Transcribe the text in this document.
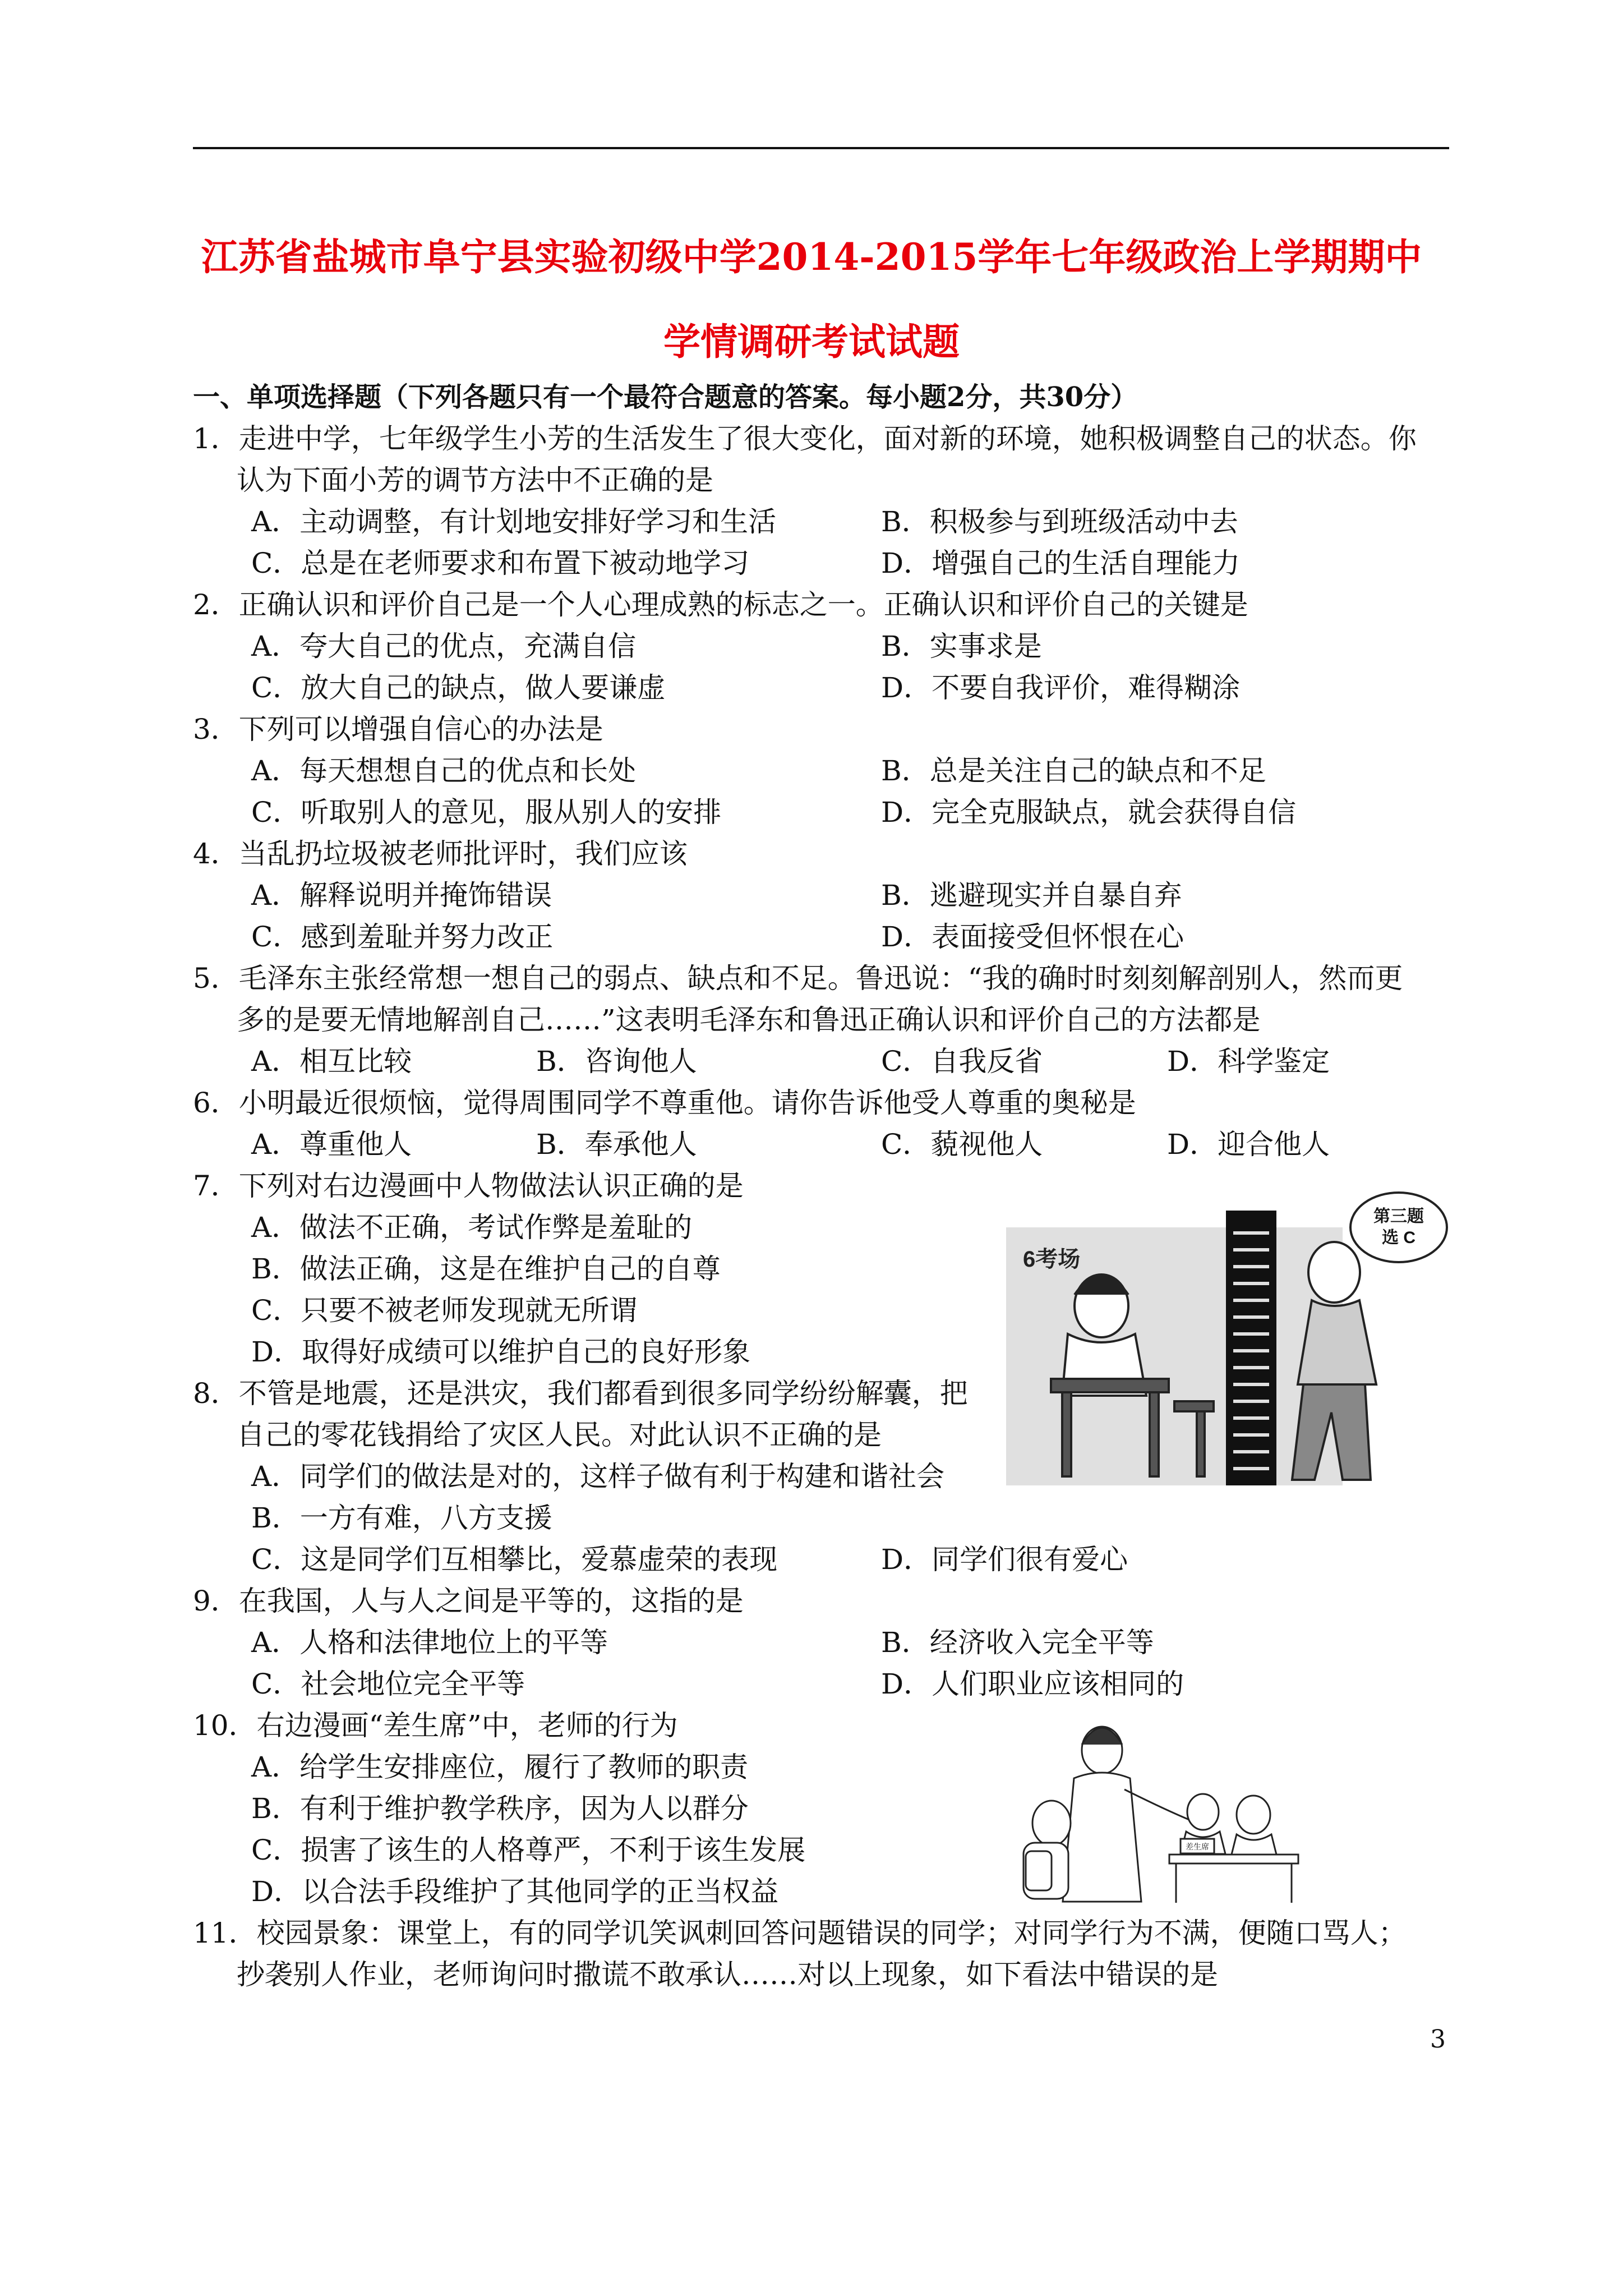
江苏省盐城市阜宁县实验初级中学2014-2015学年七年级政治上学期期中
学情调研考试试题
一、单项选择题（下列各题只有一个最符合题意的答案。每小题2分，共30分）
1．走进中学，七年级学生小芳的生活发生了很大变化，面对新的环境，她积极调整自己的状态。你
认为下面小芳的调节方法中不正确的是
A．主动调整，有计划地安排好学习和生活	B．积极参与到班级活动中去
C．总是在老师要求和布置下被动地学习	D．增强自己的生活自理能力
2．正确认识和评价自己是一个人心理成熟的标志之一。正确认识和评价自己的关键是
A．夸大自己的优点，充满自信	B．实事求是
C．放大自己的缺点，做人要谦虚	D．不要自我评价，难得糊涂
3．下列可以增强自信心的办法是
A．每天想想自己的优点和长处	B．总是关注自己的缺点和不足
C．听取别人的意见，服从别人的安排	D．完全克服缺点，就会获得自信
4．当乱扔垃圾被老师批评时，我们应该
A．解释说明并掩饰错误	B．逃避现实并自暴自弃
C．感到羞耻并努力改正	D．表面接受但怀恨在心
5．毛泽东主张经常想一想自己的弱点、缺点和不足。鲁迅说：“我的确时时刻刻解剖别人，然而更
多的是要无情地解剖自己……”这表明毛泽东和鲁迅正确认识和评价自己的方法都是
A．相互比较	B．咨询他人	C．自我反省	D．科学鉴定
6．小明最近很烦恼，觉得周围同学不尊重他。请你告诉他受人尊重的奥秘是
A．尊重他人	B．奉承他人	C．藐视他人	D．迎合他人
7．下列对右边漫画中人物做法认识正确的是
A．做法不正确，考试作弊是羞耻的
B．做法正确，这是在维护自己的自尊
C．只要不被老师发现就无所谓
D．取得好成绩可以维护自己的良好形象
8．不管是地震，还是洪灾，我们都看到很多同学纷纷解囊，把
自己的零花钱捐给了灾区人民。对此认识不正确的是
A．同学们的做法是对的，这样子做有利于构建和谐社会
B．一方有难，八方支援
C．这是同学们互相攀比，爱慕虚荣的表现	D．同学们很有爱心
9．在我国，人与人之间是平等的，这指的是
A．人格和法律地位上的平等	B．经济收入完全平等
C．社会地位完全平等	D．人们职业应该相同的
10．右边漫画“差生席”中，老师的行为
A．给学生安排座位，履行了教师的职责
B．有利于维护教学秩序，因为人以群分
C．损害了该生的人格尊严，不利于该生发展
D．以合法手段维护了其他同学的正当权益
11．校园景象：课堂上，有的同学讥笑讽刺回答问题错误的同学；对同学行为不满，便随口骂人；
抄袭别人作业，老师询问时撒谎不敢承认……对以上现象，如下看法中错误的是
6考场
第三题
选 C
差生席
3
